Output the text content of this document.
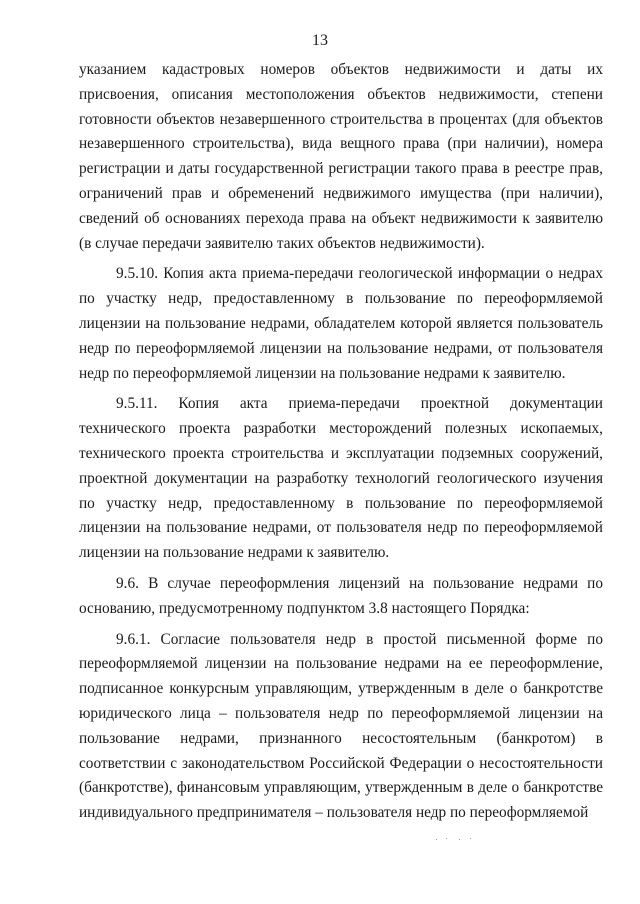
13

указанием кадастровых номеров объектов недвижимости и даты их присвоения, описания местоположения объектов недвижимости, степени готовности объектов незавершенного строительства в процентах (для объектов незавершенного строительства), вида вещного права (при наличии), номера регистрации и даты государственной регистрации такого права в реестре прав, ограничений прав и обременений недвижимого имущества (при наличии), сведений об основаниях перехода права на объект недвижимости к заявителю (в случае передачи заявителю таких объектов недвижимости).

9.5.10. Копия акта приема-передачи геологической информации о недрах по участку недр, предоставленному в пользование по переоформляемой лицензии на пользование недрами, обладателем которой является пользователь недр по переоформляемой лицензии на пользование недрами, от пользователя недр по переоформляемой лицензии на пользование недрами к заявителю.

9.5.11. Копия акта приема-передачи проектной документации технического проекта разработки месторождений полезных ископаемых, технического проекта строительства и эксплуатации подземных сооружений, проектной документации на разработку технологий геологического изучения по участку недр, предоставленному в пользование по переоформляемой лицензии на пользование недрами, от пользователя недр по переоформляемой лицензии на пользование недрами к заявителю.

9.6. В случае переоформления лицензий на пользование недрами по основанию, предусмотренному подпунктом 3.8 настоящего Порядка:

9.6.1. Согласие пользователя недр в простой письменной форме по переоформляемой лицензии на пользование недрами на ее переоформление, подписанное конкурсным управляющим, утвержденным в деле о банкротстве юридического лица – пользователя недр по переоформляемой лицензии на пользование недрами, признанного несостоятельным (банкротом) в соответствии с законодательством Российской Федерации о несостоятельности (банкротстве), финансовым управляющим, утвержденным в деле о банкротстве индивидуального предпринимателя – пользователя недр по переоформляемой
